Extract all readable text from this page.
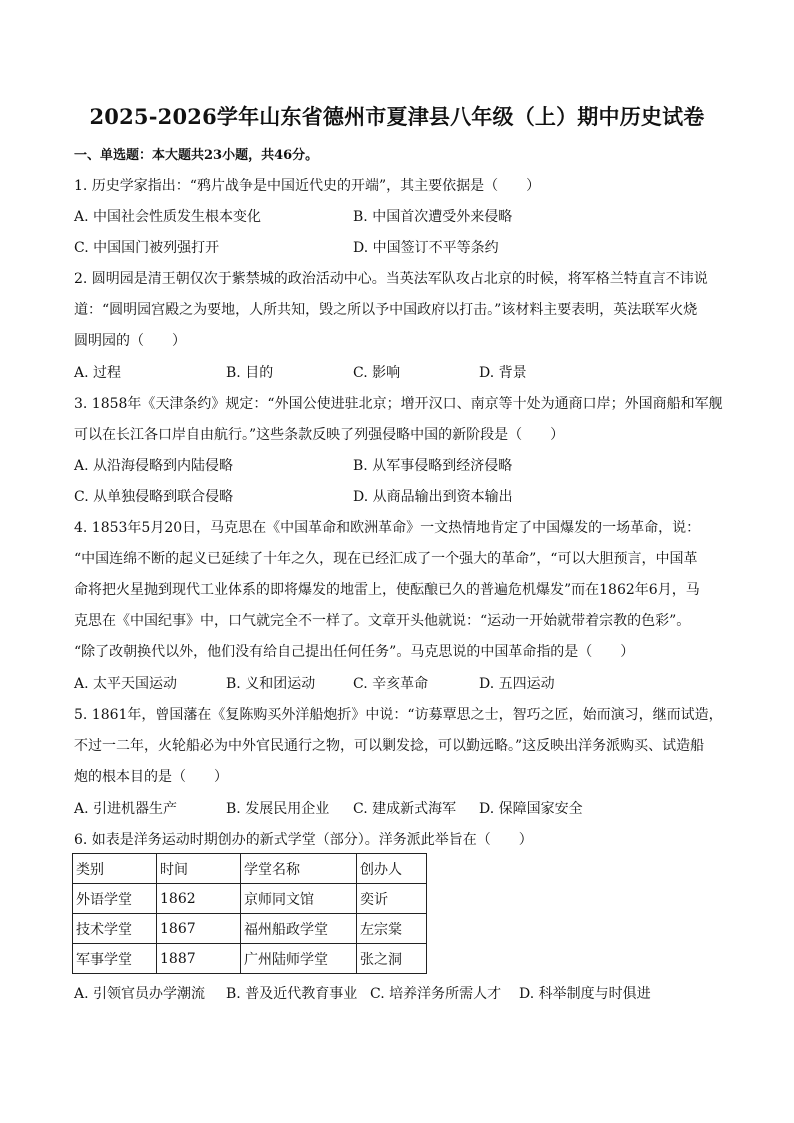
2025-2026学年山东省德州市夏津县八年级（上）期中历史试卷
一、单选题：本大题共23小题，共46分。
1. 历史学家指出：“鸦片战争是中国近代史的开端”，其主要依据是（　　）
A. 中国社会性质发生根本变化	B. 中国首次遭受外来侵略
C. 中国国门被列强打开	D. 中国签订不平等条约
2. 圆明园是清王朝仅次于紫禁城的政治活动中心。当英法军队攻占北京的时候，将军格兰特直言不讳说
道：“圆明园宫殿之为要地，人所共知，毁之所以予中国政府以打击。”该材料主要表明，英法联军火烧
圆明园的（　　）
A. 过程	B. 目的	C. 影响	D. 背景
3. 1858年《天津条约》规定：“外国公使进驻北京；增开汉口、南京等十处为通商口岸；外国商船和军舰
可以在长江各口岸自由航行。”这些条款反映了列强侵略中国的新阶段是（　　）
A. 从沿海侵略到内陆侵略	B. 从军事侵略到经济侵略
C. 从单独侵略到联合侵略	D. 从商品输出到资本输出
4. 1853年5月20日，马克思在《中国革命和欧洲革命》一文热情地肯定了中国爆发的一场革命，说：
“中国连绵不断的起义已延续了十年之久，现在已经汇成了一个强大的革命”，“可以大胆预言，中国革
命将把火星抛到现代工业体系的即将爆发的地雷上，使酝酿已久的普遍危机爆发”而在1862年6月，马
克思在《中国纪事》中，口气就完全不一样了。文章开头他就说：“运动一开始就带着宗教的色彩”。
“除了改朝换代以外，他们没有给自己提出任何任务”。马克思说的中国革命指的是（　　）
A. 太平天国运动	B. 义和团运动	C. 辛亥革命	D. 五四运动
5. 1861年，曾国藩在《复陈购买外洋船炮折》中说：“访募覃思之士，智巧之匠，始而演习，继而试造，
不过一二年，火轮船必为中外官民通行之物，可以剿发捻，可以勤远略。”这反映出洋务派购买、试造船
炮的根本目的是（　　）
A. 引进机器生产	B. 发展民用企业 C. 建成新式海军 D. 保障国家安全
6. 如表是洋务运动时期创办的新式学堂（部分）。洋务派此举旨在（　　）
类别	时间	学堂名称	创办人
外语学堂	1862	京师同文馆	奕䜣
技术学堂	1867	福州船政学堂	左宗棠
军事学堂	1887	广州陆师学堂	张之洞
A. 引领官员办学潮流 B. 普及近代教育事业 C. 培养洋务所需人才 D. 科举制度与时俱进
